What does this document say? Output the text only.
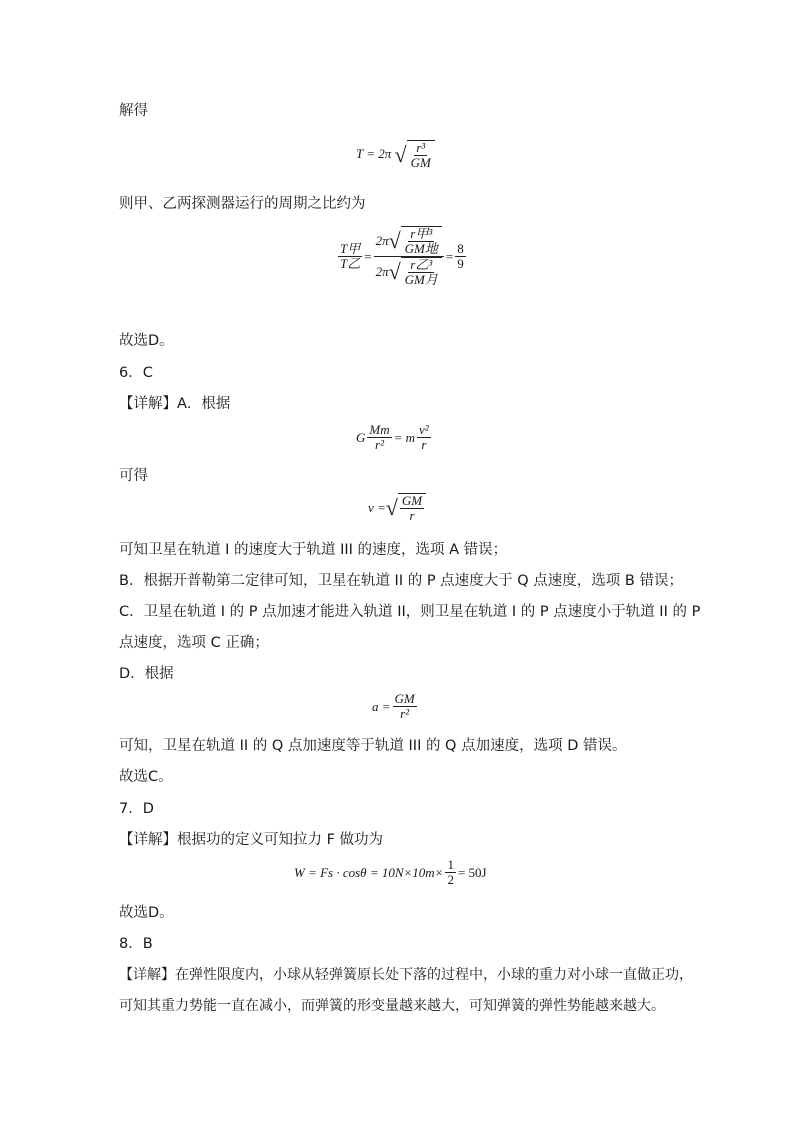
解得
T = 2π √ $\frac{\text{r³}}{GM}$
则甲、乙两探测器运行的周期之比约为
$\frac{\text{T甲}}{\text{T乙}} = \frac{2\pi √ \frac{\text{r甲³}}{\text{GM地}}}{2\pi √ \frac{\text{r乙³}}{\text{GM月}}} = \frac{8}{9}$
故选D。
6．C
【详解】A．根据
G $\frac{Mm}{\text{r²}} = m \frac{\text{v²}}{r}$
可得
v = √ $\frac{GM}{r}$
可知卫星在轨道 I 的速度大于轨道 III 的速度，选项 A 错误；
B．根据开普勒第二定律可知，卫星在轨道 II 的 P 点速度大于 Q 点速度，选项 B 错误；
C．卫星在轨道 I 的 P 点加速才能进入轨道 II，则卫星在轨道 I 的 P 点速度小于轨道 II 的 P
点速度，选项 C 正确；
D．根据
$a = \frac{GM}{\text{r²}}$
可知，卫星在轨道 II 的 Q 点加速度等于轨道 III 的 Q 点加速度，选项 D 错误。
故选C。
7．D
【详解】根据功的定义可知拉力 F 做功为
$W = Fs \cdot \cos\theta = 10N\times 10m\times \frac{1}{2} = 50J$
故选D。
8．B
【详解】在弹性限度内，小球从轻弹簧原长处下落的过程中，小球的重力对小球一直做正功，
可知其重力势能一直在减小，而弹簧的形变量越来越大，可知弹簧的弹性势能越来越大。
